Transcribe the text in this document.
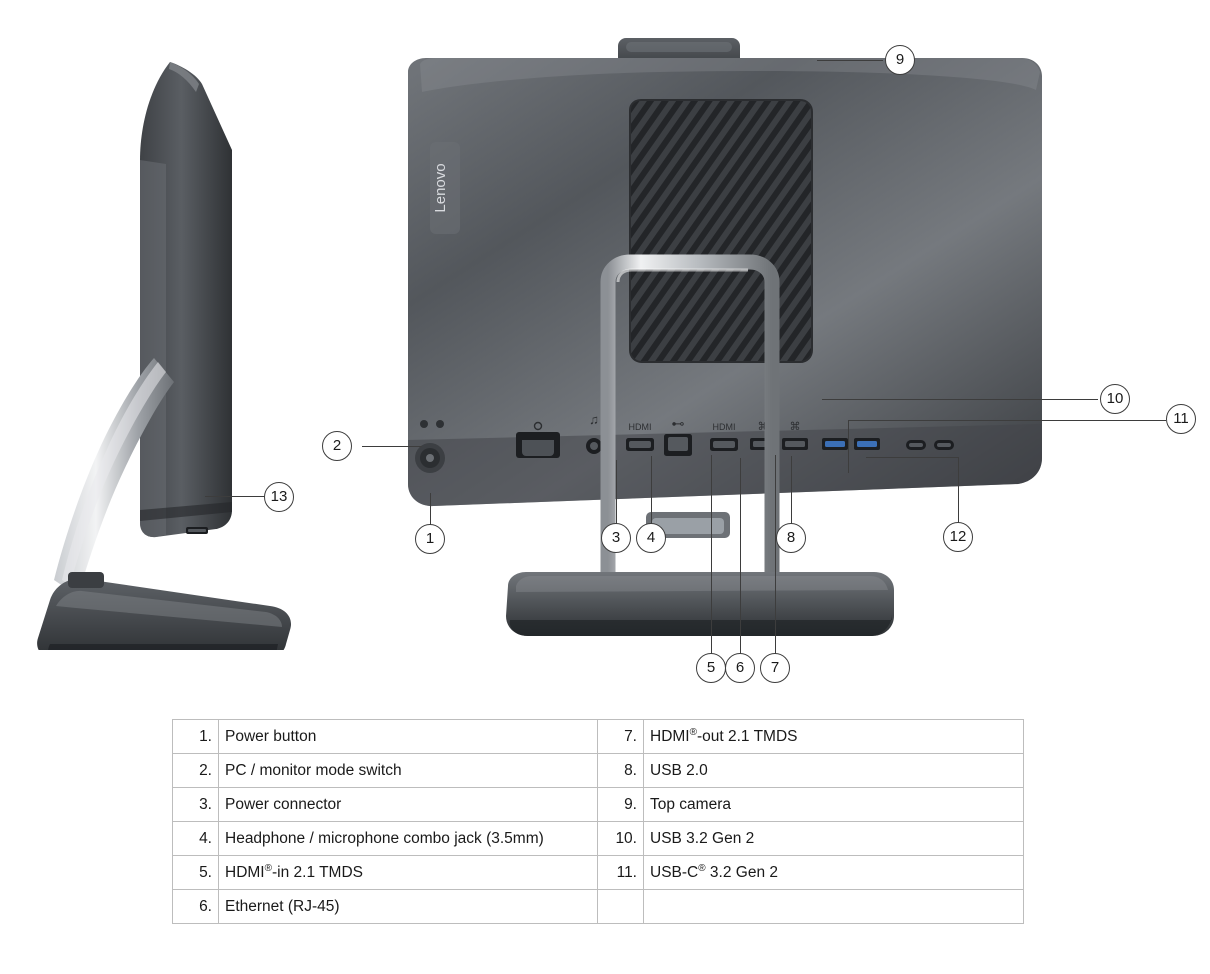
13
Lenovo
♫	HDMI ⊷	HDMI ⌘ ⌘
9
2
1	3	4
5	6	7
8
10
11
12
1.	Power button	7.	HDMI®-out 2.1 TMDS
2.	PC / monitor mode switch	8.	USB 2.0
3.	Power connector	9.	Top camera
4.	Headphone / microphone combo jack (3.5mm)	10.	USB 3.2 Gen 2
5.	HDMI®-in 2.1 TMDS	11.	USB-C® 3.2 Gen 2
6.	Ethernet (RJ-45)		
